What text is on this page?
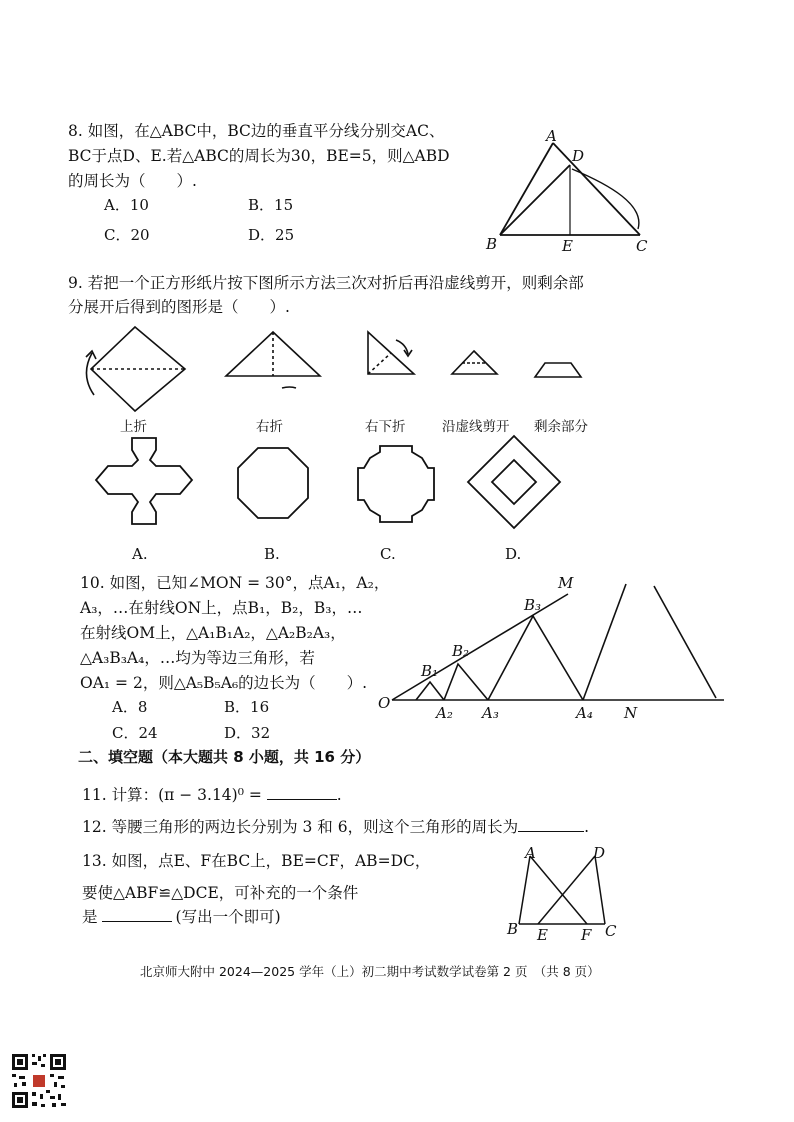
8. 如图，在△ABC中，BC边的垂直平分线分别交AC、
BC于点D、E.若△ABC的周长为30，BE=5，则△ABD
的周长为（　　）.
A．10	B．15
C．20	D．25
A
D
B	E	C
9. 若把一个正方形纸片按下图所示方法三次对折后再沿虚线剪开，则剩余部
分展开后得到的图形是（　　）.
上折	右折	右下折	沿虚线剪开 剩余部分
A.	B.	C.	D.
10. 如图，已知∠MON = 30°，点A₁，A₂，
A₃，…在射线ON上，点B₁，B₂，B₃，…
在射线OM上，△A₁B₁A₂，△A₂B₂A₃，
△A₃B₃A₄，…均为等边三角形，若
OA₁ = 2，则△A₅B₅A₆的边长为（　　）.
A．8	B．16
C．24	D．32
O
M
N
B₁
B₂
B₃
A₂ A₃	A₄
二、填空题（本大题共 8 小题，共 16 分）
11. 计算：(π − 3.14)⁰ =	.
12. 等腰三角形的两边长分别为 3 和 6，则这个三角形的周长为	.
13. 如图，点E、F在BC上，BE=CF，AB=DC，
要使△ABF≌△DCE，可补充的一个条件
是	(写出一个即可)
A	D
B E F C
北京师大附中 2024—2025 学年（上）初二期中考试数学试卷第 2 页　（共 8 页）
